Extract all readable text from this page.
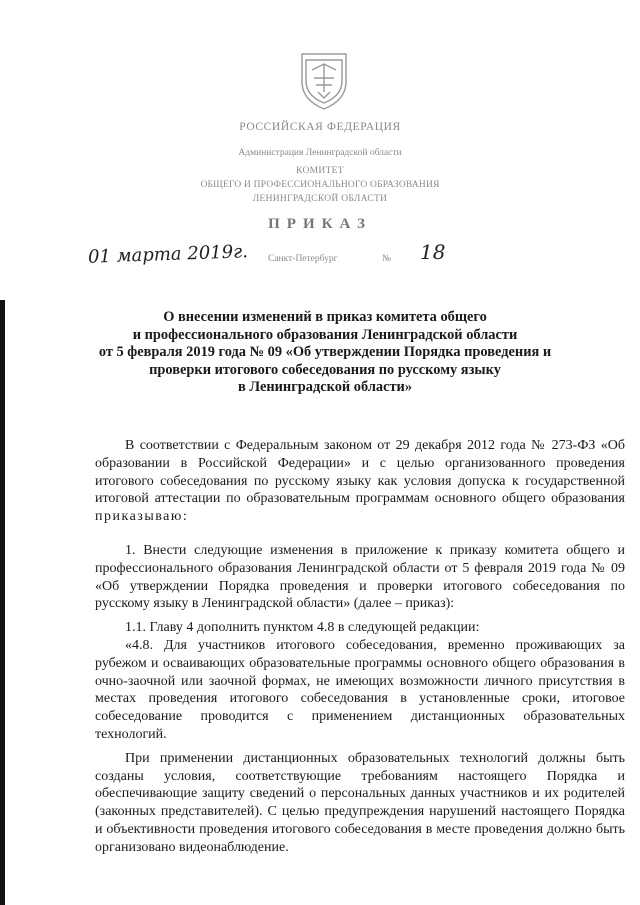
РОССИЙСКАЯ ФЕДЕРАЦИЯ
Администрация Ленинградской области
КОМИТЕТ
ОБЩЕГО И ПРОФЕССИОНАЛЬНОГО ОБРАЗОВАНИЯ
ЛЕНИНГРАДСКОЙ ОБЛАСТИ
ПРИКАЗ
01 марта 2019г. Санкт-Петербург	№ 18
О внесении изменений в приказ комитета общего
и профессионального образования Ленинградской области
от 5 февраля 2019 года № 09 «Об утверждении Порядка проведения и
проверки итогового собеседования по русскому языку
в Ленинградской области»

В соответствии с Федеральным законом от 29 декабря 2012 года № 273-ФЗ «Об образовании в Российской Федерации» и с целью организованного проведения итогового собеседования по русскому языку как условия допуска к государственной итоговой аттестации по образовательным программам основного общего образования приказываю:

1. Внести следующие изменения в приложение к приказу комитета общего и профессионального образования Ленинградской области от 5 февраля 2019 года № 09 «Об утверждении Порядка проведения и проверки итогового собеседования по русскому языку в Ленинградской области» (далее – приказ):

1.1. Главу 4 дополнить пунктом 4.8 в следующей редакции:

«4.8. Для участников итогового собеседования, временно проживающих за рубежом и осваивающих образовательные программы основного общего образования в очно-заочной или заочной формах, не имеющих возможности личного присутствия в местах проведения итогового собеседования в установленные сроки, итоговое собеседование проводится с применением дистанционных образовательных технологий.

При применении дистанционных образовательных технологий должны быть созданы условия, соответствующие требованиям настоящего Порядка и обеспечивающие защиту сведений о персональных данных участников и их родителей (законных представителей). С целью предупреждения нарушений настоящего Порядка и объективности проведения итогового собеседования в месте проведения должно быть организовано видеонаблюдение.
